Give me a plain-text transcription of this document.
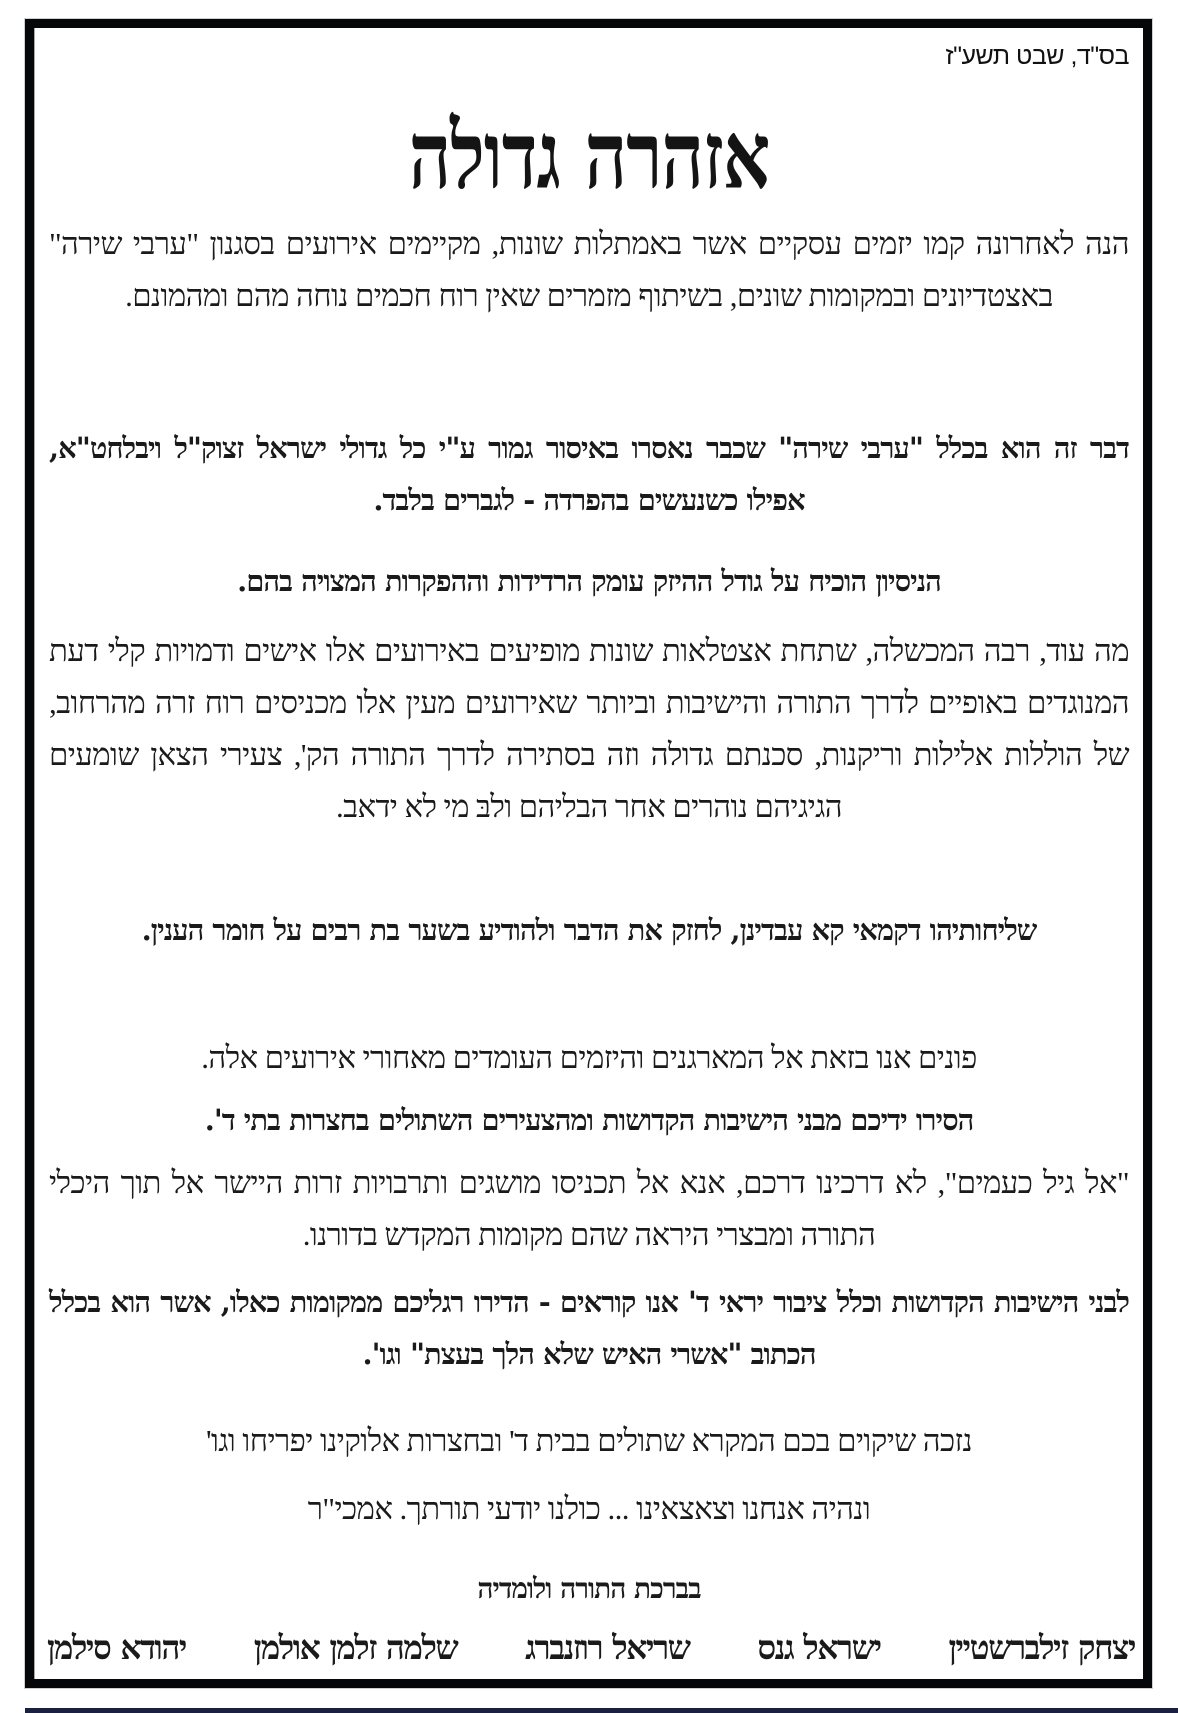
בס"ד, שבט תשע"ז
אזהרה גדולה
הנה לאחרונה קמו יזמים עסקיים אשר באמתלות שונות, מקיימים אירועים בסגנון "ערבי שירה" באצטדיונים ובמקומות שונים, בשיתוף מזמרים שאין רוח חכמים נוחה מהם ומהמונם.
דבר זה הוא בכלל "ערבי שירה" שכבר נאסרו באיסור גמור ע"י כל גדולי ישראל זצוק"ל ויבלחט"א, אפילו כשנעשים בהפרדה - לגברים בלבד.
הניסיון הוכיח על גודל ההיזק עומק הרדידות וההפקרות המצויה בהם.
מה עוד, רבה המכשלה, שתחת אצטלאות שונות מופיעים באירועים אלו אישים ודמויות קלי דעת המנוגדים באופיים לדרך התורה והישיבות וביותר שאירועים מעין אלו מכניסים רוח זרה מהרחוב, של הוללות אלילות וריקנות, סכנתם גדולה וזה בסתירה לדרך התורה הק', צעירי הצאן שומעים הגיגיהם נוהרים אחר הבליהם ולבּ מי לא ידאב.
שליחותיהו דקמאי קא עבדינן, לחזק את הדבר ולהודיע בשער בת רבים על חומר הענין.
פונים אנו בזאת אל המארגנים והיזמים העומדים מאחורי אירועים אלה.
הסירו ידיכם מבני הישיבות הקדושות ומהצעירים השתולים בחצרות בתי ד'.
"אל גיל כעמים", לא דרכינו דרכם, אנא אל תכניסו מושגים ותרבויות זרות היישר אל תוך היכלי התורה ומבצרי היראה שהם מקומות המקדש בדורנו.
לבני הישיבות הקדושות וכלל ציבור יראי ד' אנו קוראים - הדירו רגליכם ממקומות כאלו, אשר הוא בכלל הכתוב "אשרי האיש שלא הלך בעצת" וגו'.
נזכה שיקוים בכם המקרא שתולים בבית ד' ובחצרות אלוקינו יפריחו וגו'
ונהיה אנחנו וצאצאינו ... כולנו יודעי תורתך. אמכי"ר
בברכת התורה ולומדיה
יצחק זילברשטיין
ישראל גנס
שריאל רוזנברג
שלמה זלמן אולמן
יהודא סילמן
